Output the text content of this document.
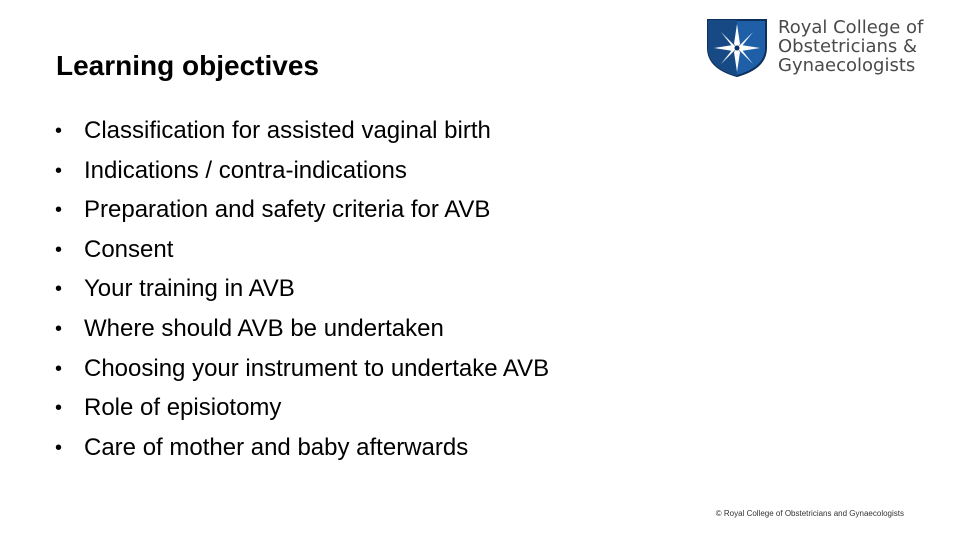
Learning objectives
Royal College of
Obstetricians &
Gynaecologists
• Classification for assisted vaginal birth
• Indications / contra-indications
• Preparation and safety criteria for AVB
• Consent
• Your training in AVB
• Where should AVB be undertaken
• Choosing your instrument to undertake AVB
• Role of episiotomy
• Care of mother and baby afterwards
© Royal College of Obstetricians and Gynaecologists
